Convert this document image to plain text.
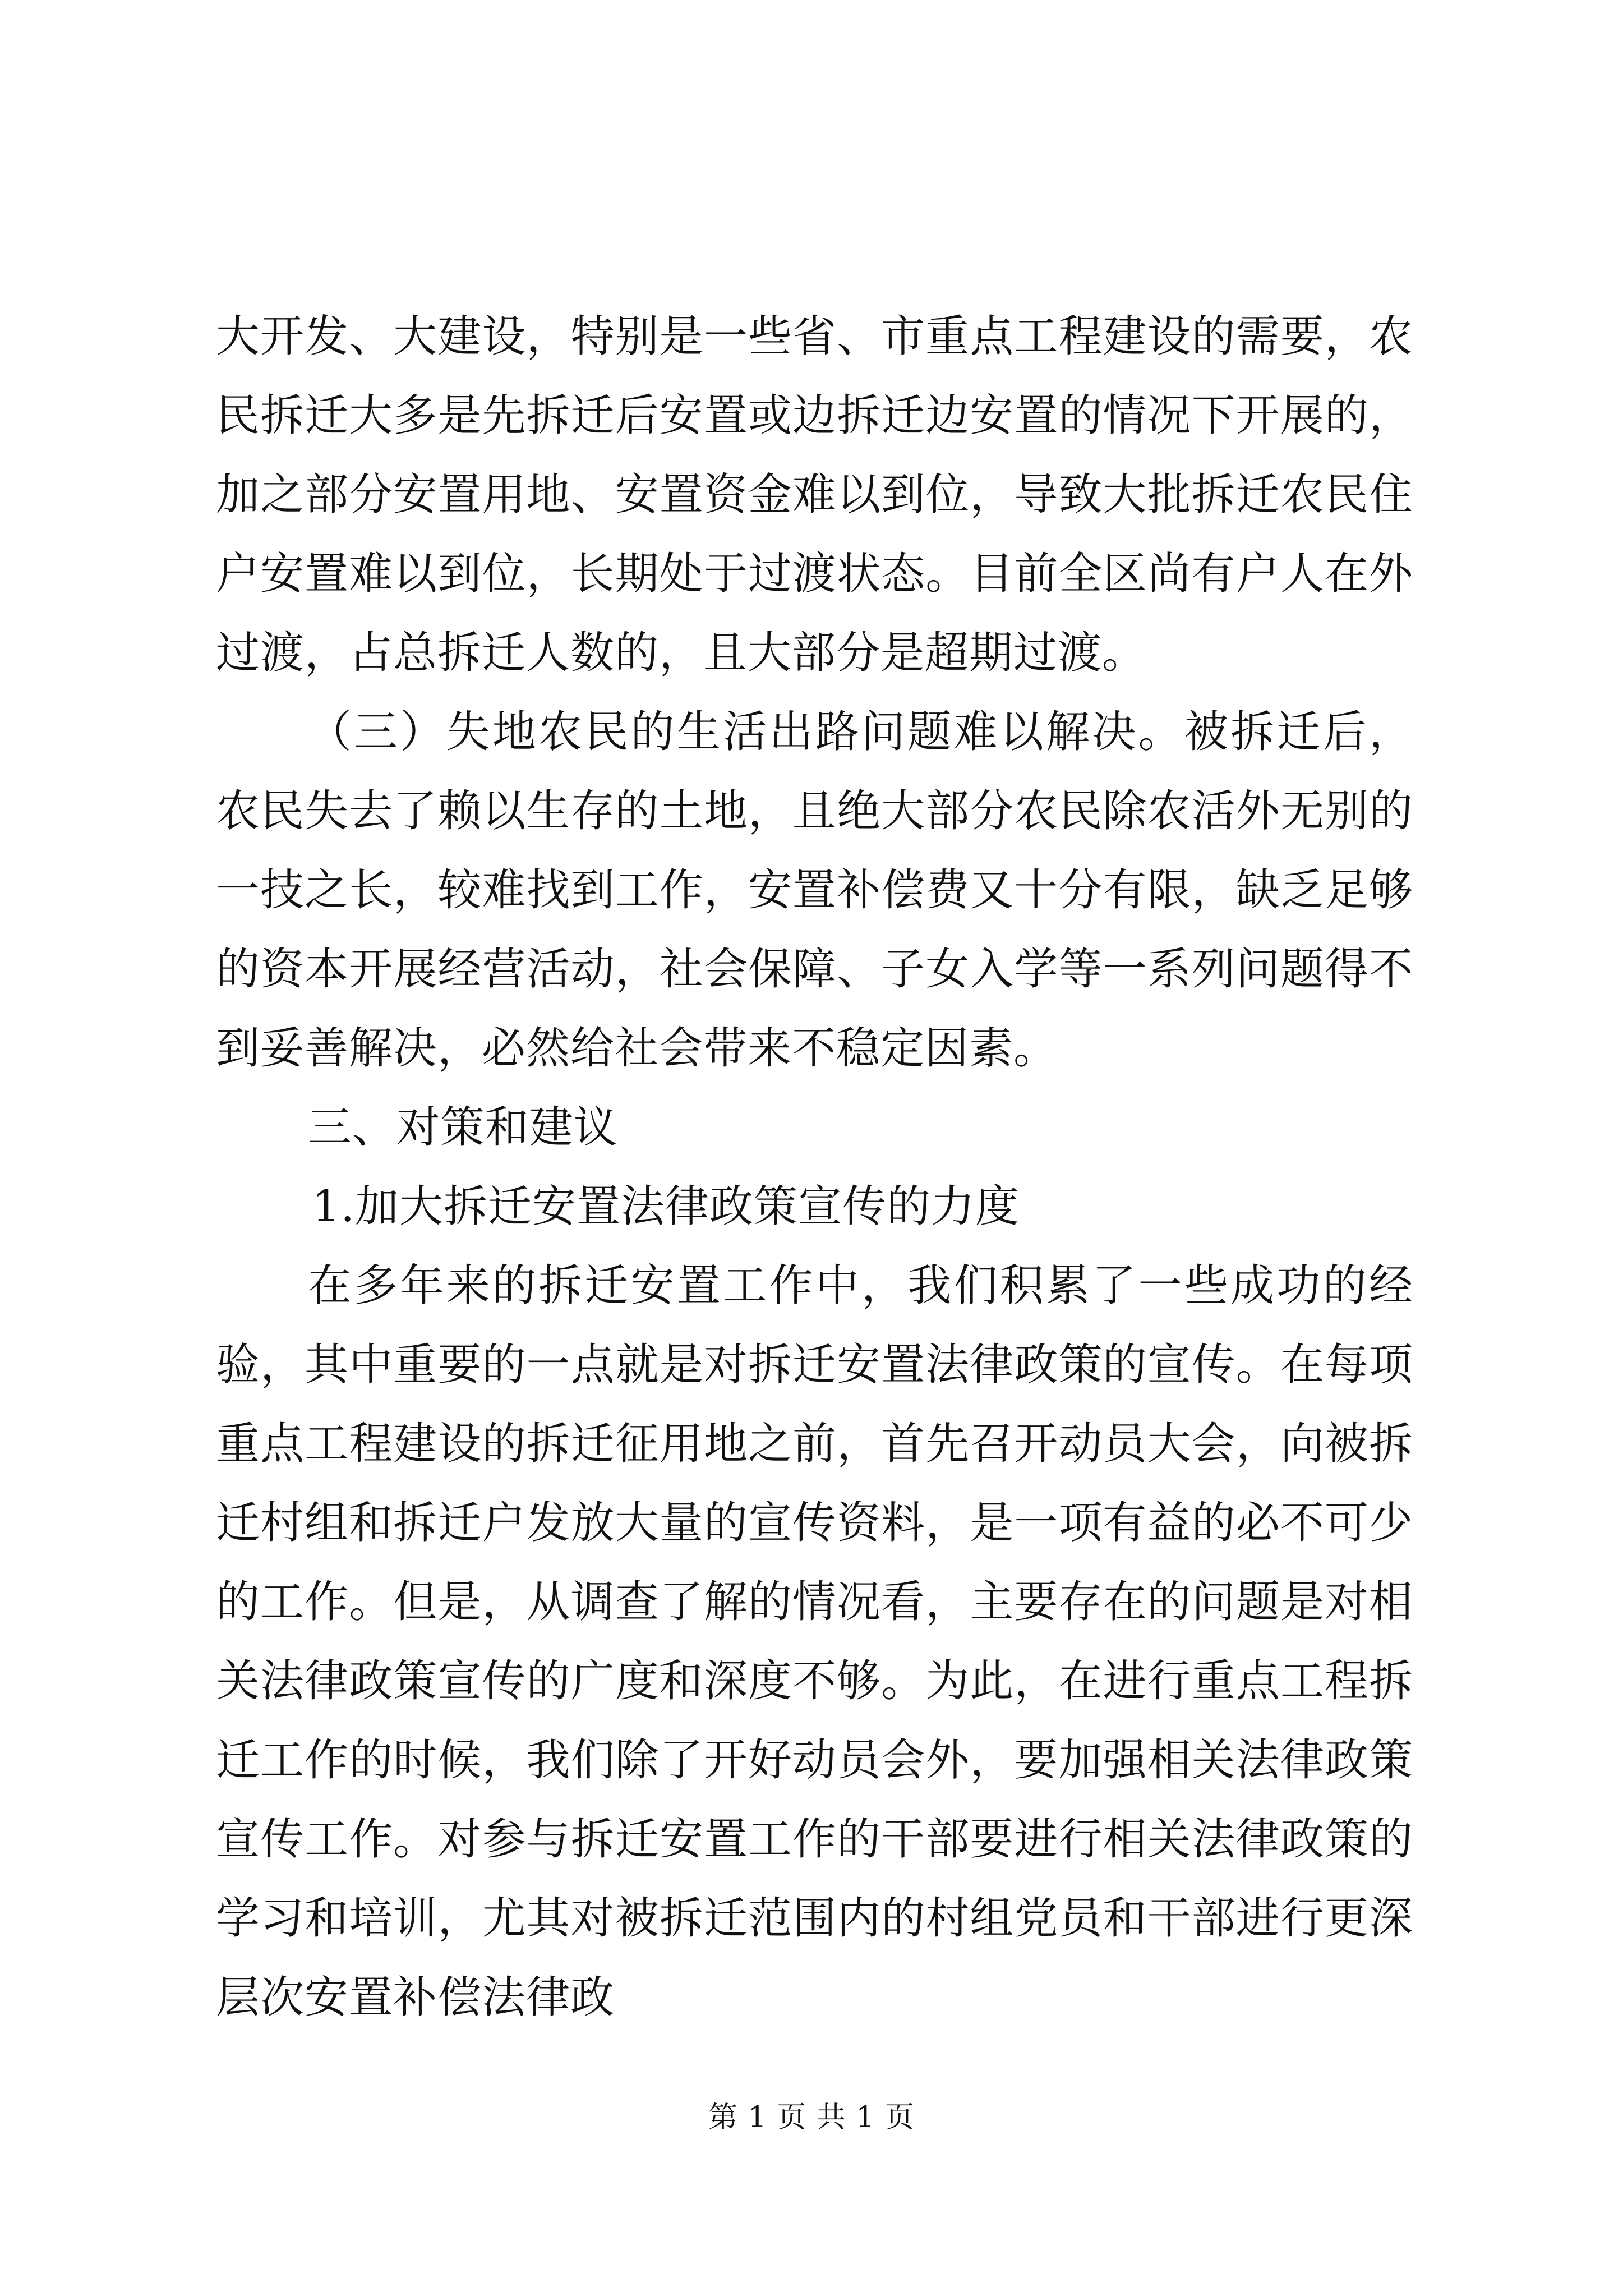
大开发、大建设，特别是一些省、市重点工程建设的需要，农民拆迁大多是先拆迁后安置或边拆迁边安置的情况下开展的，加之部分安置用地、安置资金难以到位，导致大批拆迁农民住户安置难以到位，长期处于过渡状态。目前全区尚有户人在外过渡，占总拆迁人数的，且大部分是超期过渡。

（三）失地农民的生活出路问题难以解决。被拆迁后，农民失去了赖以生存的土地，且绝大部分农民除农活外无别的一技之长，较难找到工作，安置补偿费又十分有限，缺乏足够的资本开展经营活动，社会保障、子女入学等一系列问题得不到妥善解决，必然给社会带来不稳定因素。

三、对策和建议

1.加大拆迁安置法律政策宣传的力度

在多年来的拆迁安置工作中，我们积累了一些成功的经验，其中重要的一点就是对拆迁安置法律政策的宣传。在每项重点工程建设的拆迁征用地之前，首先召开动员大会，向被拆迁村组和拆迁户发放大量的宣传资料，是一项有益的必不可少的工作。但是，从调查了解的情况看，主要存在的问题是对相关法律政策宣传的广度和深度不够。为此，在进行重点工程拆迁工作的时候，我们除了开好动员会外，要加强相关法律政策宣传工作。对参与拆迁安置工作的干部要进行相关法律政策的学习和培训，尤其对被拆迁范围内的村组党员和干部进行更深层次安置补偿法律政

第 1 页 共 1 页
